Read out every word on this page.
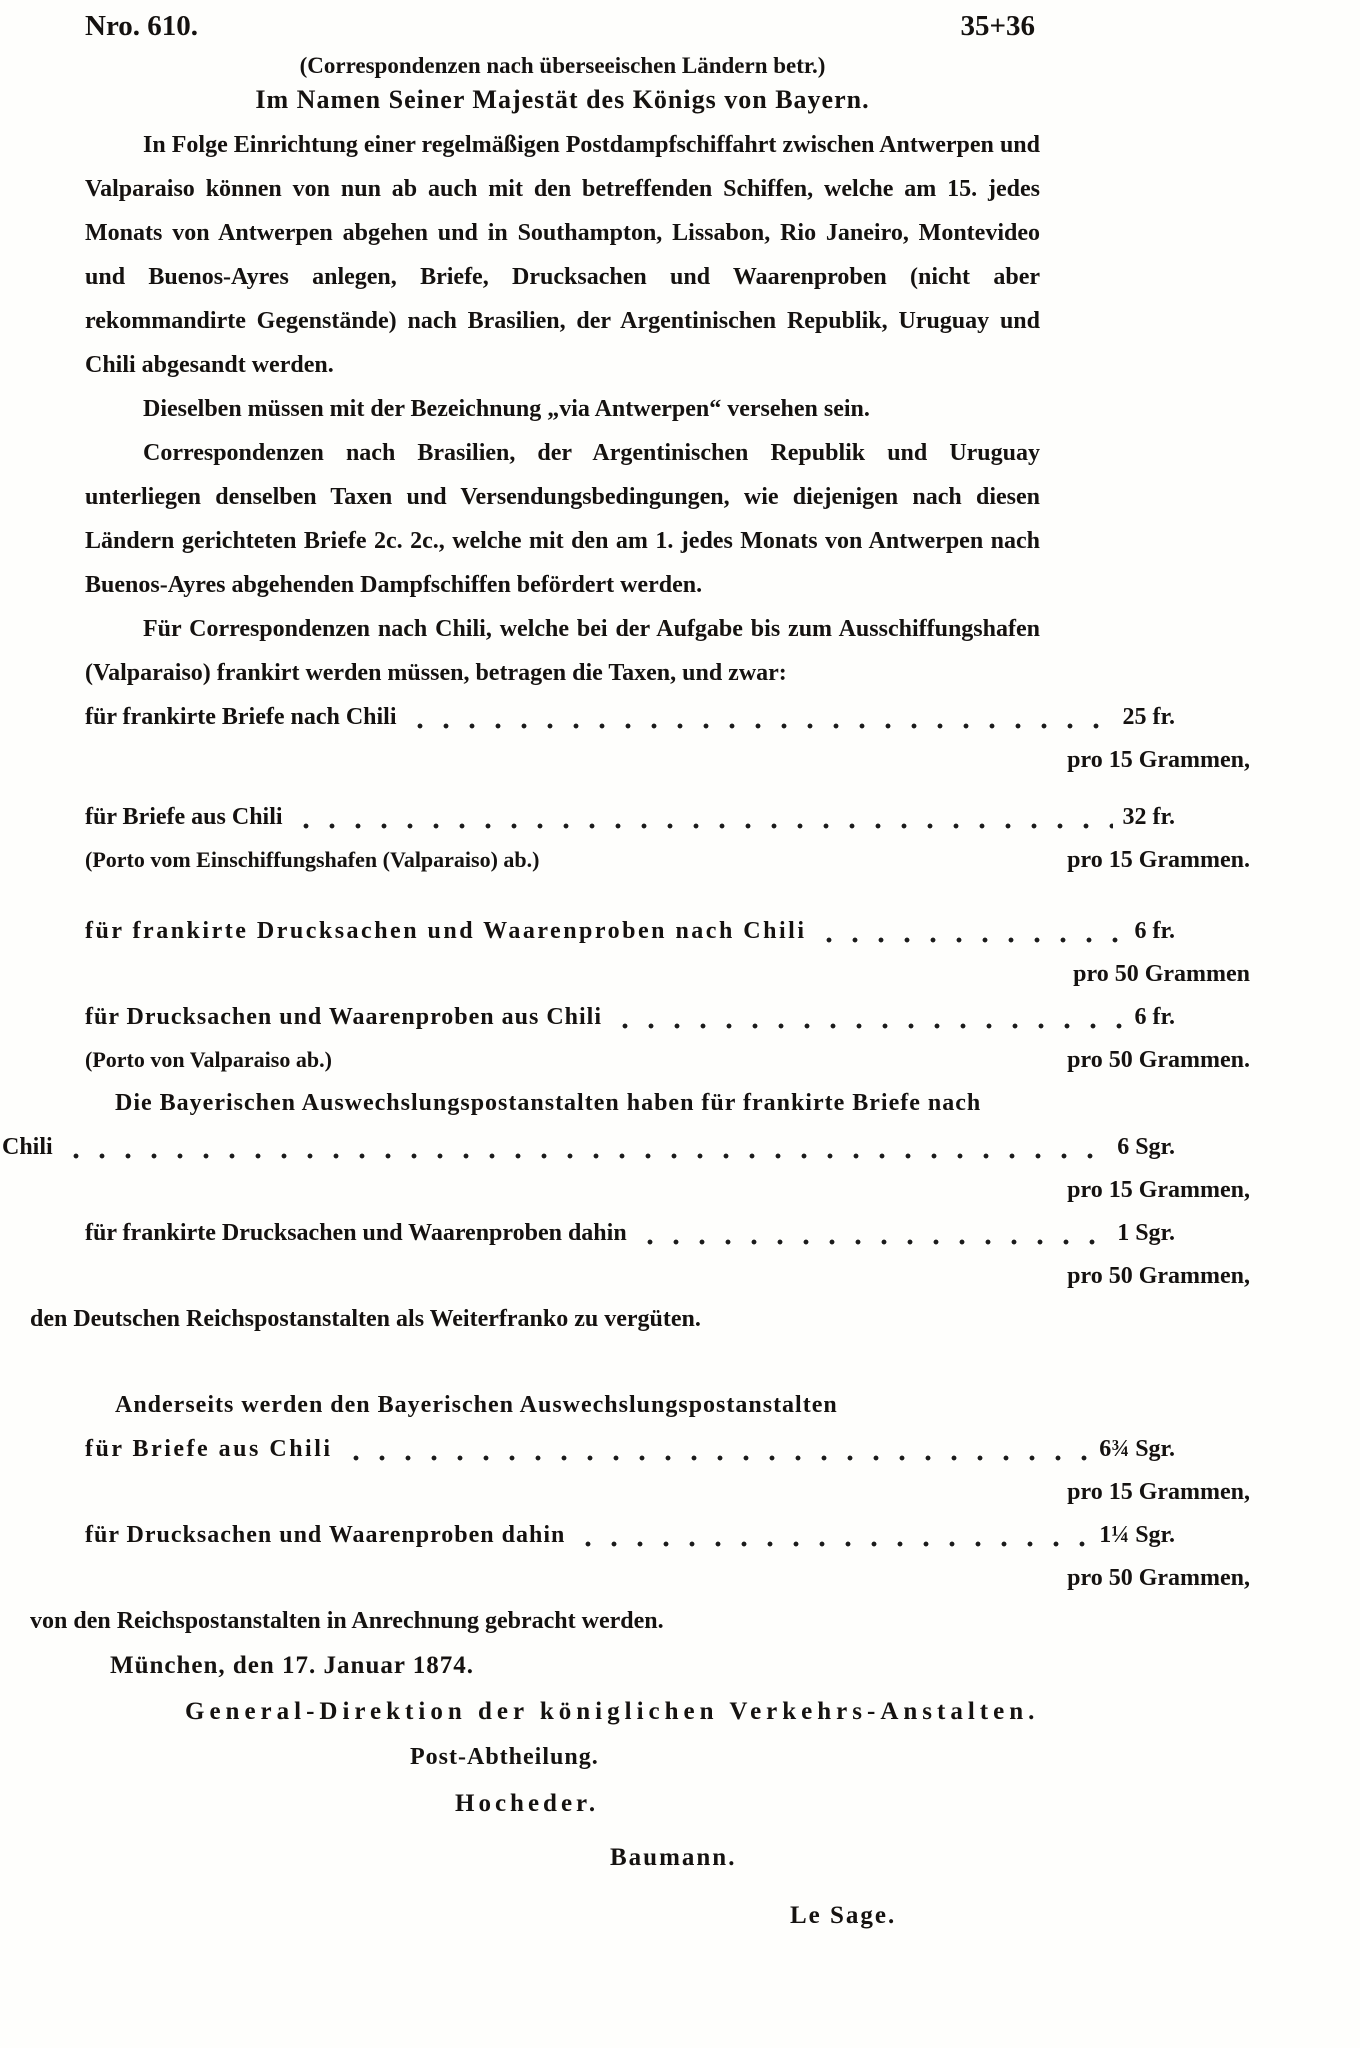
Nro. 610.	35+36
(Correspondenzen nach überseeischen Ländern betr.)
Im Namen Seiner Majestät des Königs von Bayern.

In Folge Einrichtung einer regelmäßigen Postdampfschiffahrt zwischen Antwerpen und Valparaiso können von nun ab auch mit den betreffenden Schiffen, welche am 15. jedes Monats von Antwerpen abgehen und in Southampton, Lissabon, Rio Janeiro, Montevideo und Buenos-Ayres anlegen, Briefe, Drucksachen und Waarenproben (nicht aber rekommandirte Gegenstände) nach Brasilien, der Argentinischen Republik, Uruguay und Chili abgesandt werden.

Dieselben müssen mit der Bezeichnung „via Antwerpen“ versehen sein.

Correspondenzen nach Brasilien, der Argentinischen Republik und Uruguay unterliegen denselben Taxen und Versendungsbedingungen, wie diejenigen nach diesen Ländern gerichteten Briefe 2c. 2c., welche mit den am 1. jedes Monats von Antwerpen nach Buenos-Ayres abgehenden Dampfschiffen befördert werden.

Für Correspondenzen nach Chili, welche bei der Aufgabe bis zum Ausschiffungshafen (Valparaiso) frankirt werden müssen, betragen die Taxen, und zwar:

für frankirte Briefe nach Chili	25 fr.
pro 15 Grammen,
für Briefe aus Chili	32 fr.
(Porto vom Einschiffungshafen (Valparaiso) ab.)	pro 15 Grammen.
für frankirte Drucksachen und Waarenproben nach Chili	6 fr.
pro 50 Grammen
für Drucksachen und Waarenproben aus Chili	6 fr.
(Porto von Valparaiso ab.)	pro 50 Grammen.
Die Bayerischen Auswechslungspostanstalten haben für frankirte Briefe nach
Chili	6 Sgr.
pro 15 Grammen,
für frankirte Drucksachen und Waarenproben dahin	1 Sgr.
pro 50 Grammen,
den Deutschen Reichspostanstalten als Weiterfranko zu vergüten.
Anderseits werden den Bayerischen Auswechslungspostanstalten
für Briefe aus Chili	6¾ Sgr.
pro 15 Grammen,
für Drucksachen und Waarenproben dahin	1¼ Sgr.
pro 50 Grammen,
von den Reichspostanstalten in Anrechnung gebracht werden.
München, den 17. Januar 1874.
General-Direktion der königlichen Verkehrs-Anstalten.
Post-Abtheilung.
Hocheder.
Baumann.
Le Sage.
